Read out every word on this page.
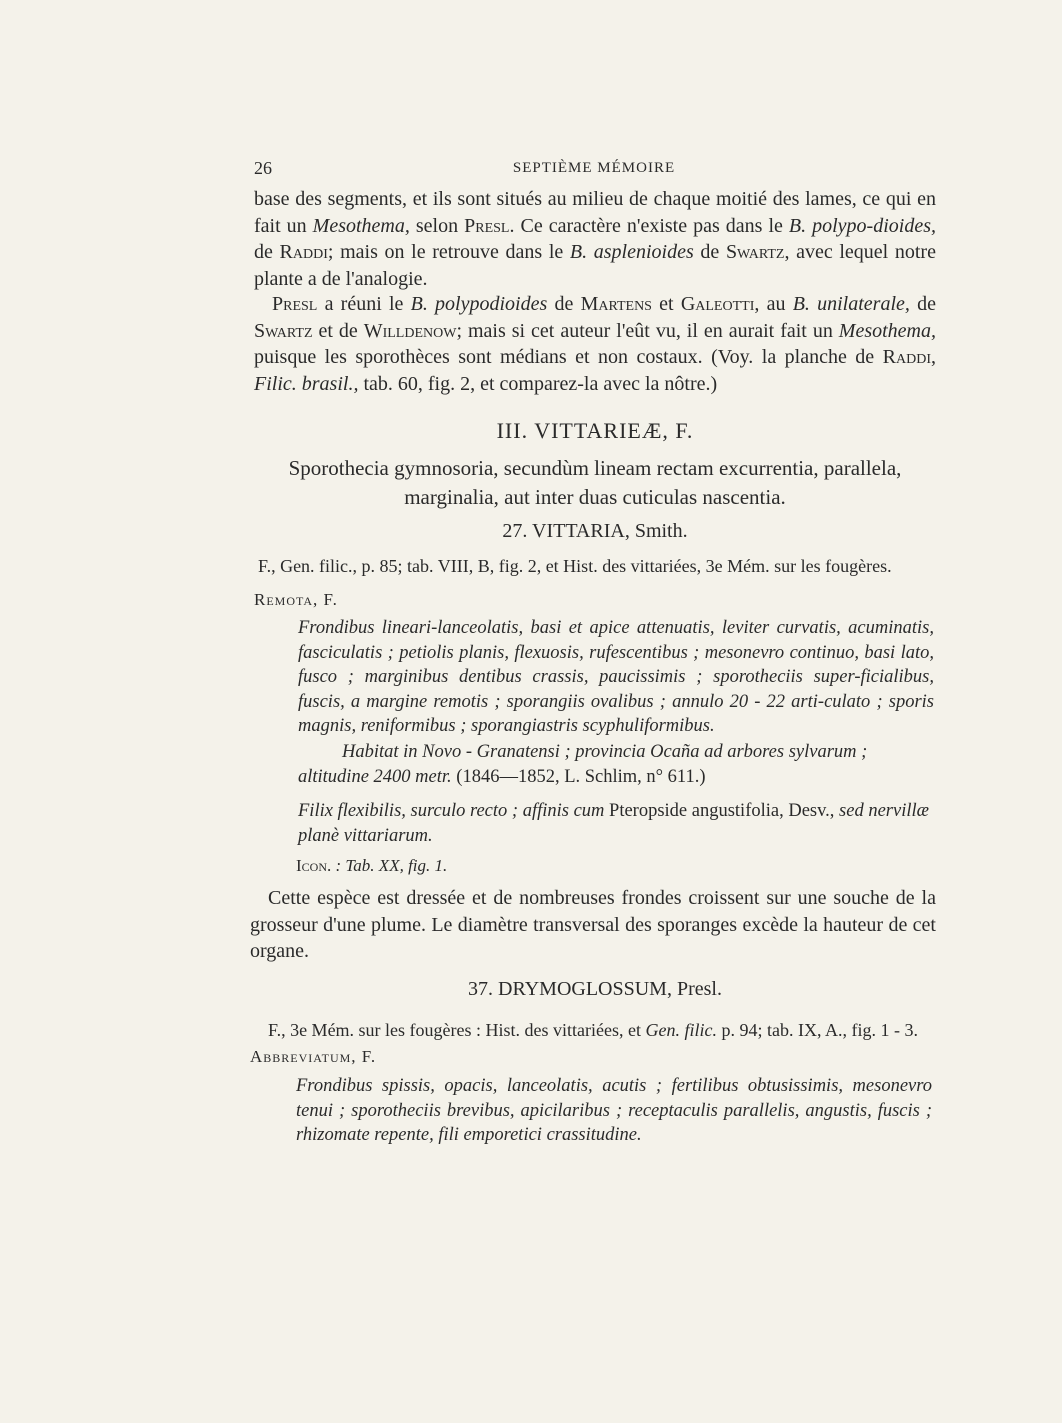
26	SEPTIÈME MÉMOIRE

base des segments, et ils sont situés au milieu de chaque moitié des lames, ce qui en fait un Mesothema, selon Presl. Ce caractère n'existe pas dans le B. polypo-dioides, de Raddi; mais on le retrouve dans le B. asplenioides de Swartz, avec lequel notre plante a de l'analogie.

Presl a réuni le B. polypodioides de Martens et Galeotti, au B. unilaterale, de Swartz et de Willdenow; mais si cet auteur l'eût vu, il en aurait fait un Mesothema, puisque les sporothèces sont médians et non costaux. (Voy. la planche de Raddi, Filic. brasil., tab. 60, fig. 2, et comparez-la avec la nôtre.)

III. VITTARIEÆ, F.
Sporothecia gymnosoria, secundùm lineam rectam excurrentia, parallela,
marginalia, aut inter duas cuticulas nascentia.
27. VITTARIA, Smith.
F., Gen. filic., p. 85; tab. VIII, B, fig. 2, et Hist. des vittariées, 3e Mém. sur les fougères.
Remota, F.

Frondibus lineari-lanceolatis, basi et apice attenuatis, leviter curvatis, acuminatis, fasciculatis ; petiolis planis, flexuosis, rufescentibus ; mesonevro continuo, basi lato, fusco ; marginibus dentibus crassis, paucissimis ; sporotheciis super-ficialibus, fuscis, a margine remotis ; sporangiis ovalibus ; annulo 20 - 22 arti-culato ; sporis magnis, reniformibus ; sporangiastris scyphuliformibus.

Habitat in Novo - Granatensi ; provincia Ocaña ad arbores sylvarum ; altitudine 2400 metr. (1846—1852, L. Schlim, n° 611.)

Filix flexibilis, surculo recto ; affinis cum Pteropside angustifolia, Desv., sed nervillæ planè vittariarum.

Icon. : Tab. XX, fig. 1.

Cette espèce est dressée et de nombreuses frondes croissent sur une souche de la grosseur d'une plume. Le diamètre transversal des sporanges excède la hauteur de cet organe.

37. DRYMOGLOSSUM, Presl.
F., 3e Mém. sur les fougères : Hist. des vittariées, et Gen. filic. p. 94; tab. IX, A., fig. 1 - 3.
Abbreviatum, F.

Frondibus spissis, opacis, lanceolatis, acutis ; fertilibus obtusissimis, mesonevro tenui ; sporotheciis brevibus, apicilaribus ; receptaculis parallelis, angustis, fuscis ; rhizomate repente, fili emporetici crassitudine.
